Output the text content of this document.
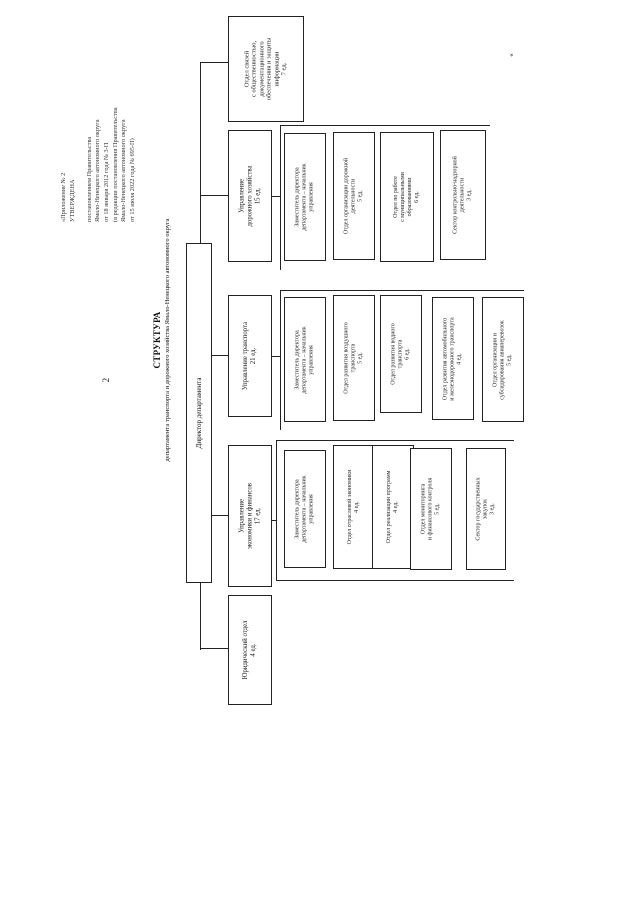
2
«
«Приложение № 2 УТВЕРЖДЕНА
постановлением Правительства Ямало-Ненецкого автономного округа от 18 января 2012 года № 3-П (в редакции постановления Правительства Ямало-Ненецкого автономного округа от 15 июля 2022 года № 695-П)
СТРУКТУРА департамента транспорта и дорожного хозяйства Ямало-Ненецкого автономного округа	Директор департамента
Юридический отдел
4 ед.
Управление
экономики и финансов
17 ед.	Заместитель директора
департамента – начальник
управления
Отдел отраслевой экономики
4 ед.
Отдел реализации программ
4 ед.
Отдел мониторинга
и финансового контроля
5 ед.
Сектор государственных
закупок
3 ед.
Управление транспорта
21 ед.
Заместитель директора
департамента – начальник
управления
Отдел развития воздушного
транспорта
5 ед.
Отдел развития водного
транспорта
6 ед.
Отдел развития автомобильного
и железнодорожного транспорта
4 ед.
Отдел организации и
субсидирования авиаперевозок
5 ед.
Управление
дорожного хозяйства
15 ед.
Заместитель директора
департамента – начальник
управления
Отдел организации дорожной
деятельности
5 ед.
Отдел по работе
с муниципальными
образованиями
6 ед.
Сектор контрольно-надзорной
деятельности
3 ед.
Отдел связей
с общественностью,
документационного
обеспечения и защиты
информации
7 ед.
